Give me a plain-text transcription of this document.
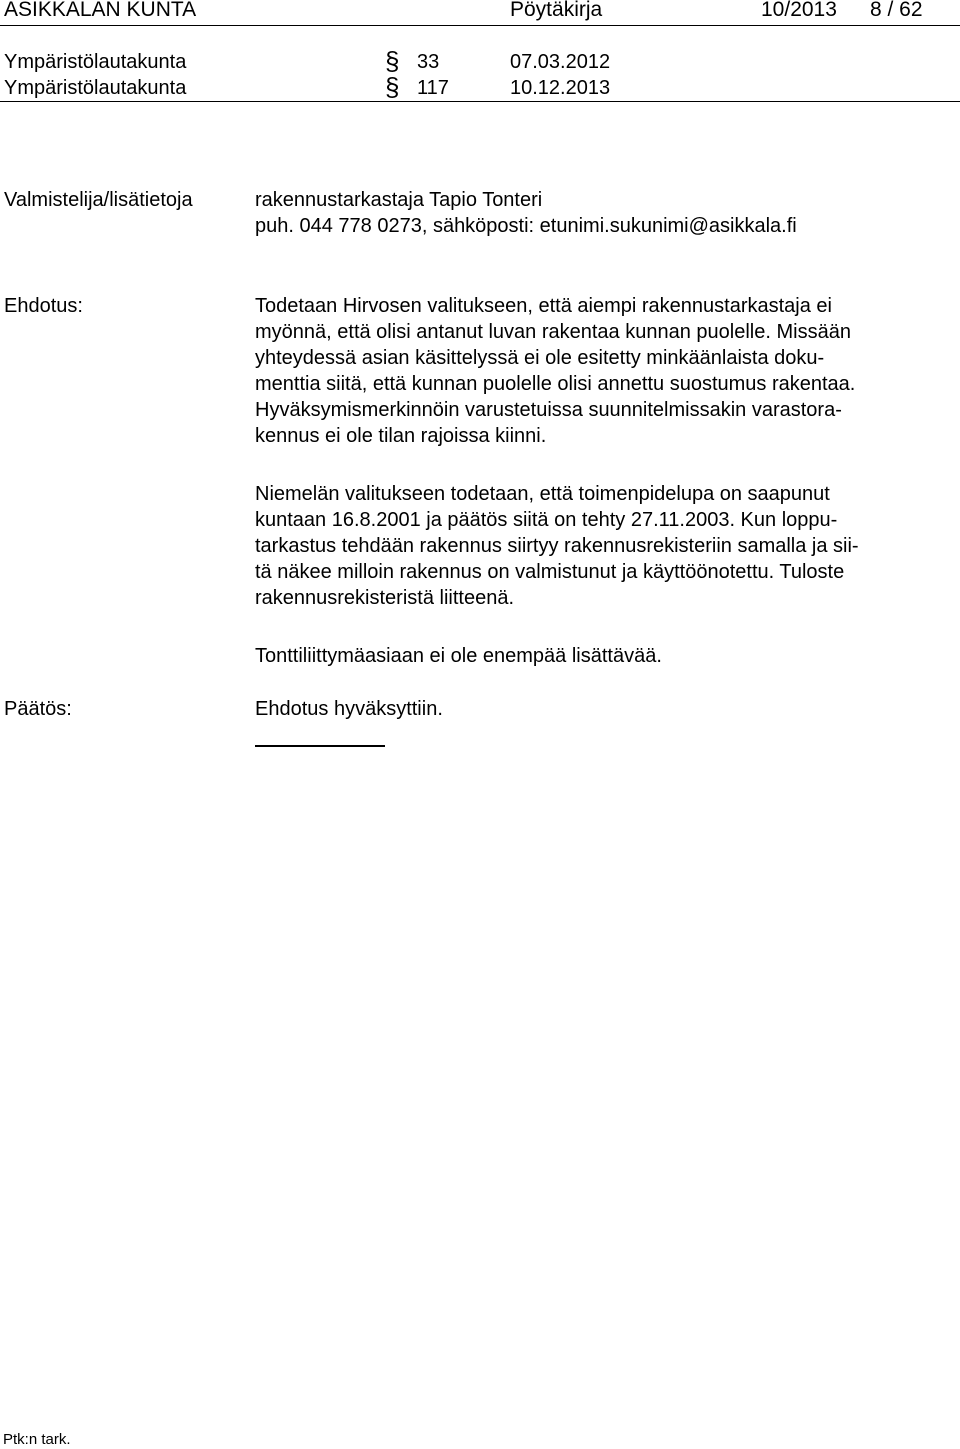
ASIKKALAN KUNTA	Pöytäkirja	10/2013 8 / 62
Ympäristölautakunta	§ 33	07.03.2012
Ympäristölautakunta	§ 117	10.12.2013
Valmistelija/lisätietoja	rakennustarkastaja Tapio Tonteri
puh. 044 778 0273, sähköposti: etunimi.sukunimi@asikkala.fi
Ehdotus:	Todetaan Hirvosen valitukseen, että aiempi rakennustarkastaja ei
myönnä, että olisi antanut luvan rakentaa kunnan puolelle. Missään
yhteydessä asian käsittelyssä ei ole esitetty minkäänlaista doku-
menttia siitä, että kunnan puolelle olisi annettu suostumus rakentaa.
Hyväksymismerkinnöin varustetuissa suunnitelmissakin varastora-
kennus ei ole tilan rajoissa kiinni.
Niemelän valitukseen todetaan, että toimenpidelupa on saapunut
kuntaan 16.8.2001 ja päätös siitä on tehty 27.11.2003. Kun loppu-
tarkastus tehdään rakennus siirtyy rakennusrekisteriin samalla ja sii-
tä näkee milloin rakennus on valmistunut ja käyttöönotettu. Tuloste
rakennusrekisteristä liitteenä.
Tonttiliittymäasiaan ei ole enempää lisättävää.
Päätös:	Ehdotus hyväksyttiin.
Ptk:n tark.
